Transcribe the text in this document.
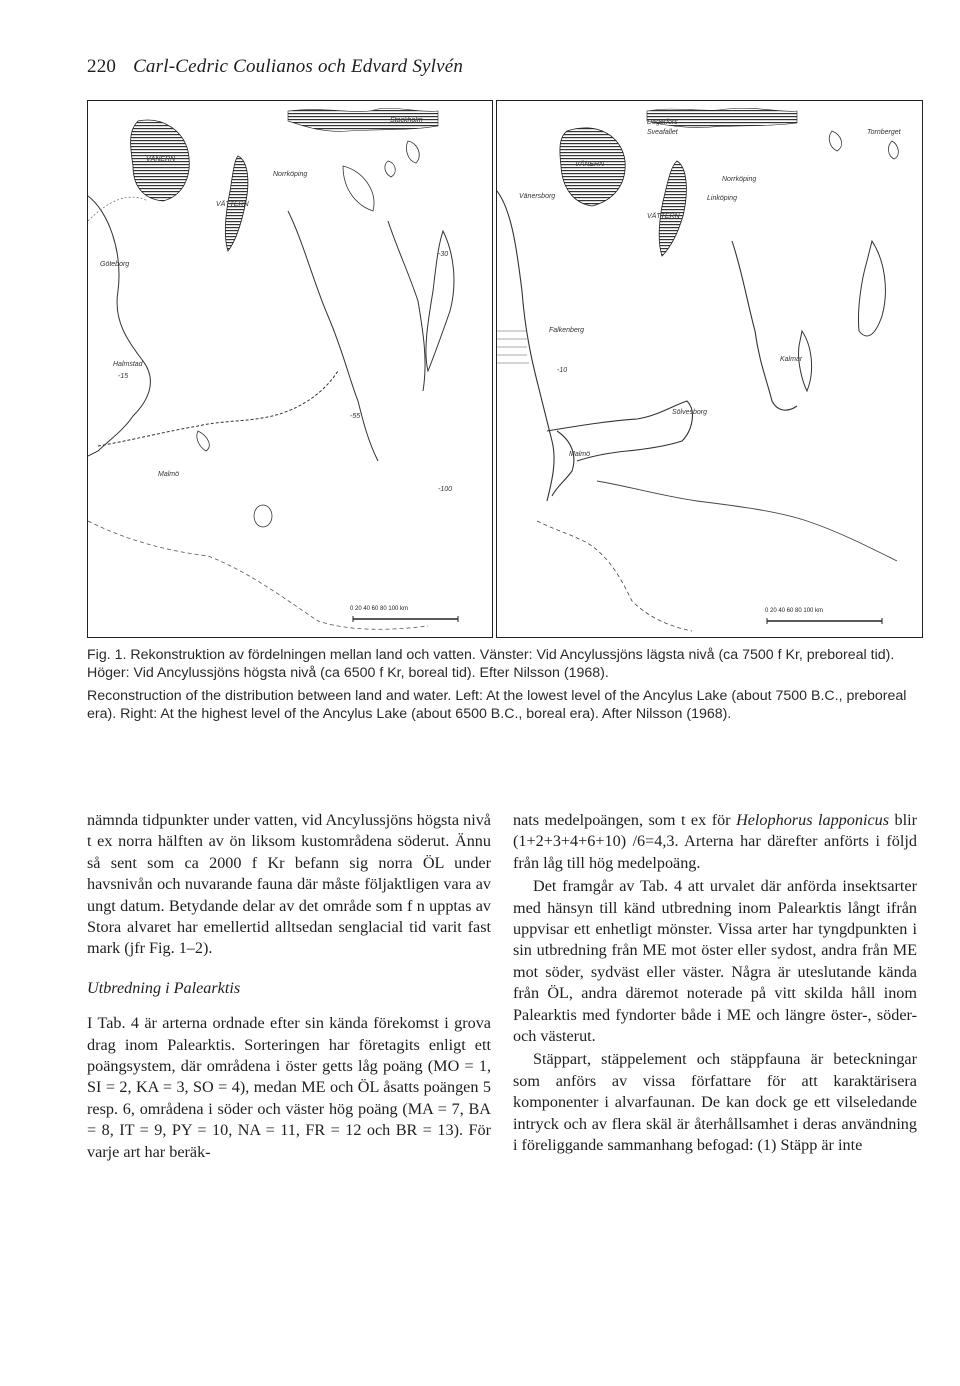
220 Carl-Cedric Coulianos och Edvard Sylvén
VÄNERN
VÄTTERN
Norrköping
Stockholm
Göteborg
Halmstad
-15
Malmö
-30
-55
-100
0 20 40 60 80 100 km
Degerfors
Sveafallet
VÄNERN
VÄTTERN
Norrköping
Linköping
Tornberget
Vänersborg
Falkenberg
-10
Kalmar
Sölvesborg
Malmö
0 20 40 60 80 100 km
Fig. 1. Rekonstruktion av fördelningen mellan land och vatten. Vänster: Vid Ancylussjöns lägsta nivå (ca 7500 f Kr, preboreal tid). Höger: Vid Ancylussjöns högsta nivå (ca 6500 f Kr, boreal tid). Efter Nilsson (1968).
Reconstruction of the distribution between land and water. Left: At the lowest level of the Ancylus Lake (about 7500 B.C., preboreal era). Right: At the highest level of the Ancylus Lake (about 6500 B.C., boreal era). After Nilsson (1968).

nämnda tidpunkter under vatten, vid Ancylussjöns högsta nivå t ex norra hälften av ön liksom kustområdena söderut. Ännu så sent som ca 2000 f Kr befann sig norra ÖL under havsnivån och nuvarande fauna där måste följaktligen vara av ungt datum. Betydande delar av det område som f n upptas av Stora alvaret har emellertid alltsedan senglacial tid varit fast mark (jfr Fig. 1–2).

Utbredning i Palearktis

I Tab. 4 är arterna ordnade efter sin kända förekomst i grova drag inom Palearktis. Sorteringen har företagits enligt ett poängsystem, där områdena i öster getts låg poäng (MO = 1, SI = 2, KA = 3, SO = 4), medan ME och ÖL åsatts poängen 5 resp. 6, områdena i söder och väster hög poäng (MA = 7, BA = 8, IT = 9, PY = 10, NA = 11, FR = 12 och BR = 13). För varje art har beräk-

nats medelpoängen, som t ex för Helophorus lapponicus blir (1+2+3+4+6+10) /6=4,3. Arterna har därefter anförts i följd från låg till hög medelpoäng.

Det framgår av Tab. 4 att urvalet där anförda insektsarter med hänsyn till känd utbredning inom Palearktis långt ifrån uppvisar ett enhetligt mönster. Vissa arter har tyngdpunkten i sin utbredning från ME mot öster eller sydost, andra från ME mot söder, sydväst eller väster. Några är uteslutande kända från ÖL, andra däremot noterade på vitt skilda håll inom Palearktis med fyndorter både i ME och längre öster-, söder-och västerut.

Stäppart, stäppelement och stäppfauna är beteckningar som anförs av vissa författare för att karaktärisera komponenter i alvarfaunan. De kan dock ge ett vilseledande intryck och av flera skäl är återhållsamhet i deras användning i föreliggande sammanhang befogad: (1) Stäpp är inte
